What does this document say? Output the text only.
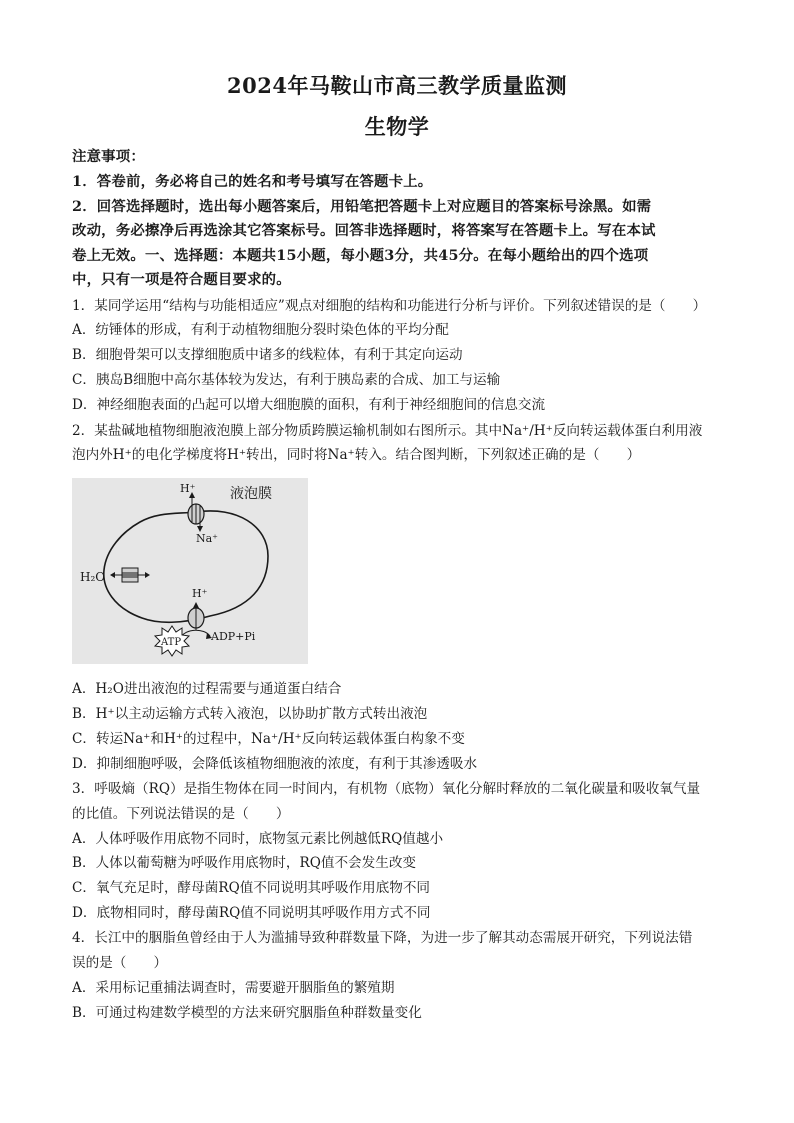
2024年马鞍山市高三教学质量监测
生物学
注意事项：
1．答卷前，务必将自己的姓名和考号填写在答题卡上。
2．回答选择题时，选出每小题答案后，用铅笔把答题卡上对应题目的答案标号涂黑。如需
改动，务必擦净后再选涂其它答案标号。回答非选择题时，将答案写在答题卡上。写在本试
卷上无效。一、选择题：本题共15小题，每小题3分，共45分。在每小题给出的四个选项
中，只有一项是符合题目要求的。
1．某同学运用“结构与功能相适应”观点对细胞的结构和功能进行分析与评价。下列叙述错误的是（　　）
A．纺锤体的形成，有利于动植物细胞分裂时染色体的平均分配
B．细胞骨架可以支撑细胞质中诸多的线粒体，有利于其定向运动
C．胰岛B细胞中高尔基体较为发达，有利于胰岛素的合成、加工与运输
D．神经细胞表面的凸起可以增大细胞膜的面积，有利于神经细胞间的信息交流
2．某盐碱地植物细胞液泡膜上部分物质跨膜运输机制如右图所示。其中Na⁺/H⁺反向转运载体蛋白利用液
泡内外H⁺的电化学梯度将H⁺转出，同时将Na⁺转入。结合图判断，下列叙述正确的是（　　）
液泡膜
H⁺
Na⁺
H₂O
H⁺
ATP	ADP+Pi
A．H₂O进出液泡的过程需要与通道蛋白结合
B．H⁺以主动运输方式转入液泡，以协助扩散方式转出液泡
C．转运Na⁺和H⁺的过程中，Na⁺/H⁺反向转运载体蛋白构象不变
D．抑制细胞呼吸，会降低该植物细胞液的浓度，有利于其渗透吸水
3．呼吸熵（RQ）是指生物体在同一时间内，有机物（底物）氧化分解时释放的二氧化碳量和吸收氧气量
的比值。下列说法错误的是（　　）
A．人体呼吸作用底物不同时，底物氢元素比例越低RQ值越小
B．人体以葡萄糖为呼吸作用底物时，RQ值不会发生改变
C．氧气充足时，酵母菌RQ值不同说明其呼吸作用底物不同
D．底物相同时，酵母菌RQ值不同说明其呼吸作用方式不同
4．长江中的胭脂鱼曾经由于人为滥捕导致种群数量下降，为进一步了解其动态需展开研究，下列说法错
误的是（　　）
A．采用标记重捕法调查时，需要避开胭脂鱼的繁殖期
B．可通过构建数学模型的方法来研究胭脂鱼种群数量变化
